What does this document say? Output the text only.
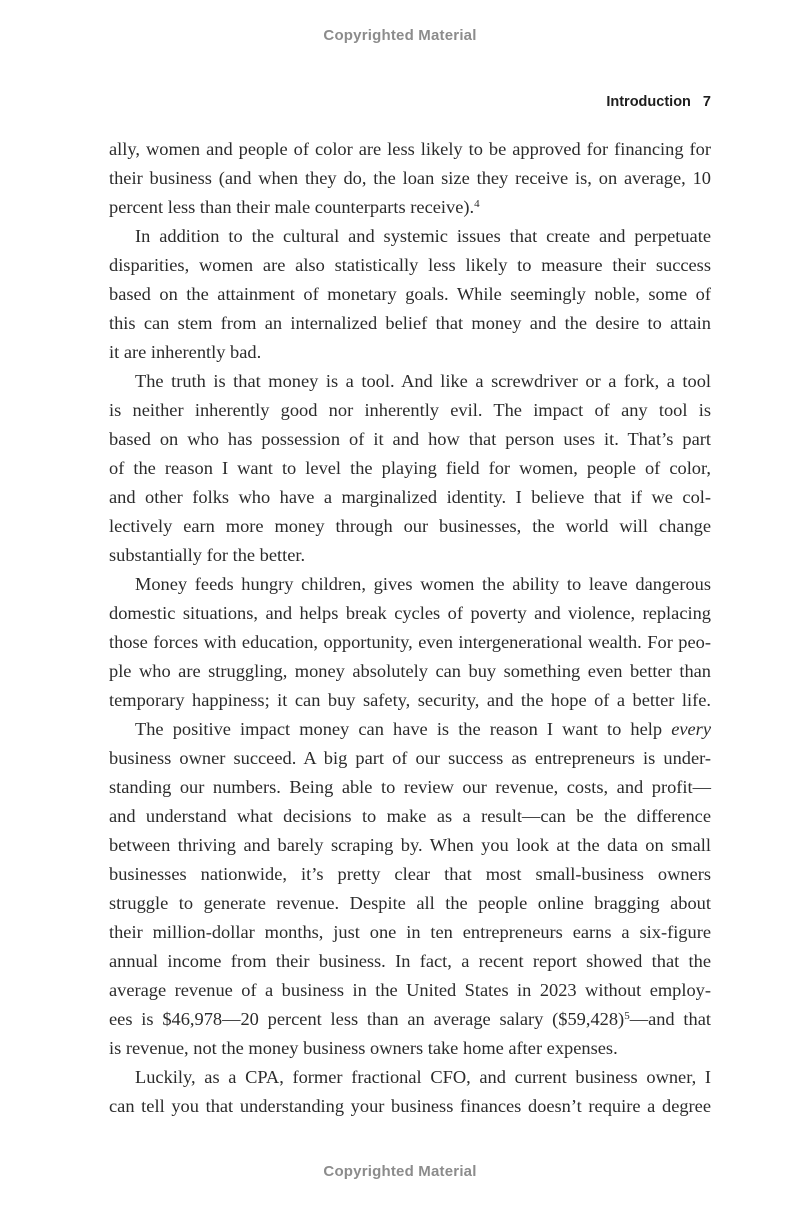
Copyrighted Material
Introduction 7
ally, women and people of color are less likely to be approved for financing for
their business (and when they do, the loan size they receive is, on average, 10
percent less than their male counterparts receive).$^4$
In addition to the cultural and systemic issues that create and perpetuate
disparities, women are also statistically less likely to measure their success
based on the attainment of monetary goals. While seemingly noble, some of
this can stem from an internalized belief that money and the desire to attain
it are inherently bad.
The truth is that money is a tool. And like a screwdriver or a fork, a tool
is neither inherently good nor inherently evil. The impact of any tool is
based on who has possession of it and how that person uses it. That’s part
of the reason I want to level the playing field for women, people of color,
and other folks who have a marginalized identity. I believe that if we col-
lectively earn more money through our businesses, the world will change
substantially for the better.
Money feeds hungry children, gives women the ability to leave dangerous
domestic situations, and helps break cycles of poverty and violence, replacing
those forces with education, opportunity, even intergenerational wealth. For peo-
ple who are struggling, money absolutely can buy something even better than
temporary happiness; it can buy safety, security, and the hope of a better life.
The positive impact money can have is the reason I want to help every
business owner succeed. A big part of our success as entrepreneurs is under-
standing our numbers. Being able to review our revenue, costs, and profit—
and understand what decisions to make as a result—can be the difference
between thriving and barely scraping by. When you look at the data on small
businesses nationwide, it’s pretty clear that most small-business owners
struggle to generate revenue. Despite all the people online bragging about
their million-dollar months, just one in ten entrepreneurs earns a six-figure
annual income from their business. In fact, a recent report showed that the
average revenue of a business in the United States in 2023 without employ-
ees is $46,978—20 percent less than an average salary ($59,428)$^5$—and that
is revenue, not the money business owners take home after expenses.
Luckily, as a CPA, former fractional CFO, and current business owner, I
can tell you that understanding your business finances doesn’t require a degree
Copyrighted Material
